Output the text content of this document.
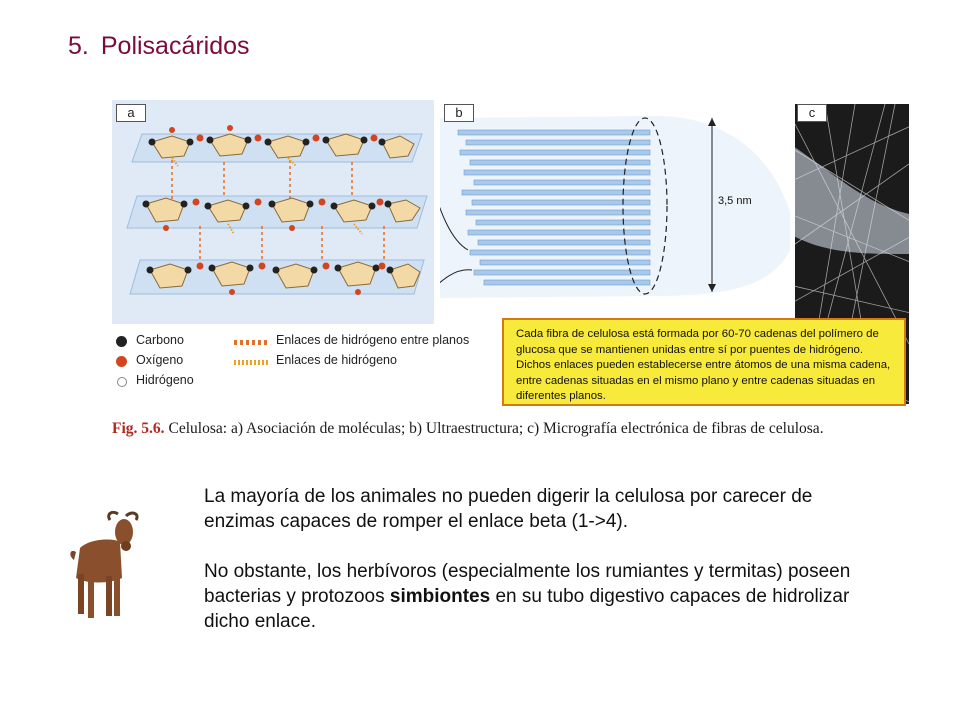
5. Polisacáridos
a
3,5 nm
b	c
Carbono
Oxígeno
Hidrógeno
Enlaces de hidrógeno entre planos
Enlaces de hidrógeno
Cada fibra de celulosa está formada por 60-70 cadenas del polímero de glucosa que se mantienen unidas entre sí por puentes de hidrógeno. Dichos enlaces pueden establecerse entre átomos de una misma cadena, entre cadenas situadas en el mismo plano y entre cadenas situadas en diferentes planos.
Fig. 5.6. Celulosa: a) Asociación de moléculas; b) Ultraestructura; c) Micrografía electrónica de fibras de celulosa.

La mayoría de los animales no pueden digerir la celulosa por carecer de enzimas capaces de romper el enlace beta (1->4).

No obstante, los herbívoros (especialmente los rumiantes y termitas) poseen bacterias y protozoos simbiontes en su tubo digestivo capaces de hidrolizar dicho enlace.
